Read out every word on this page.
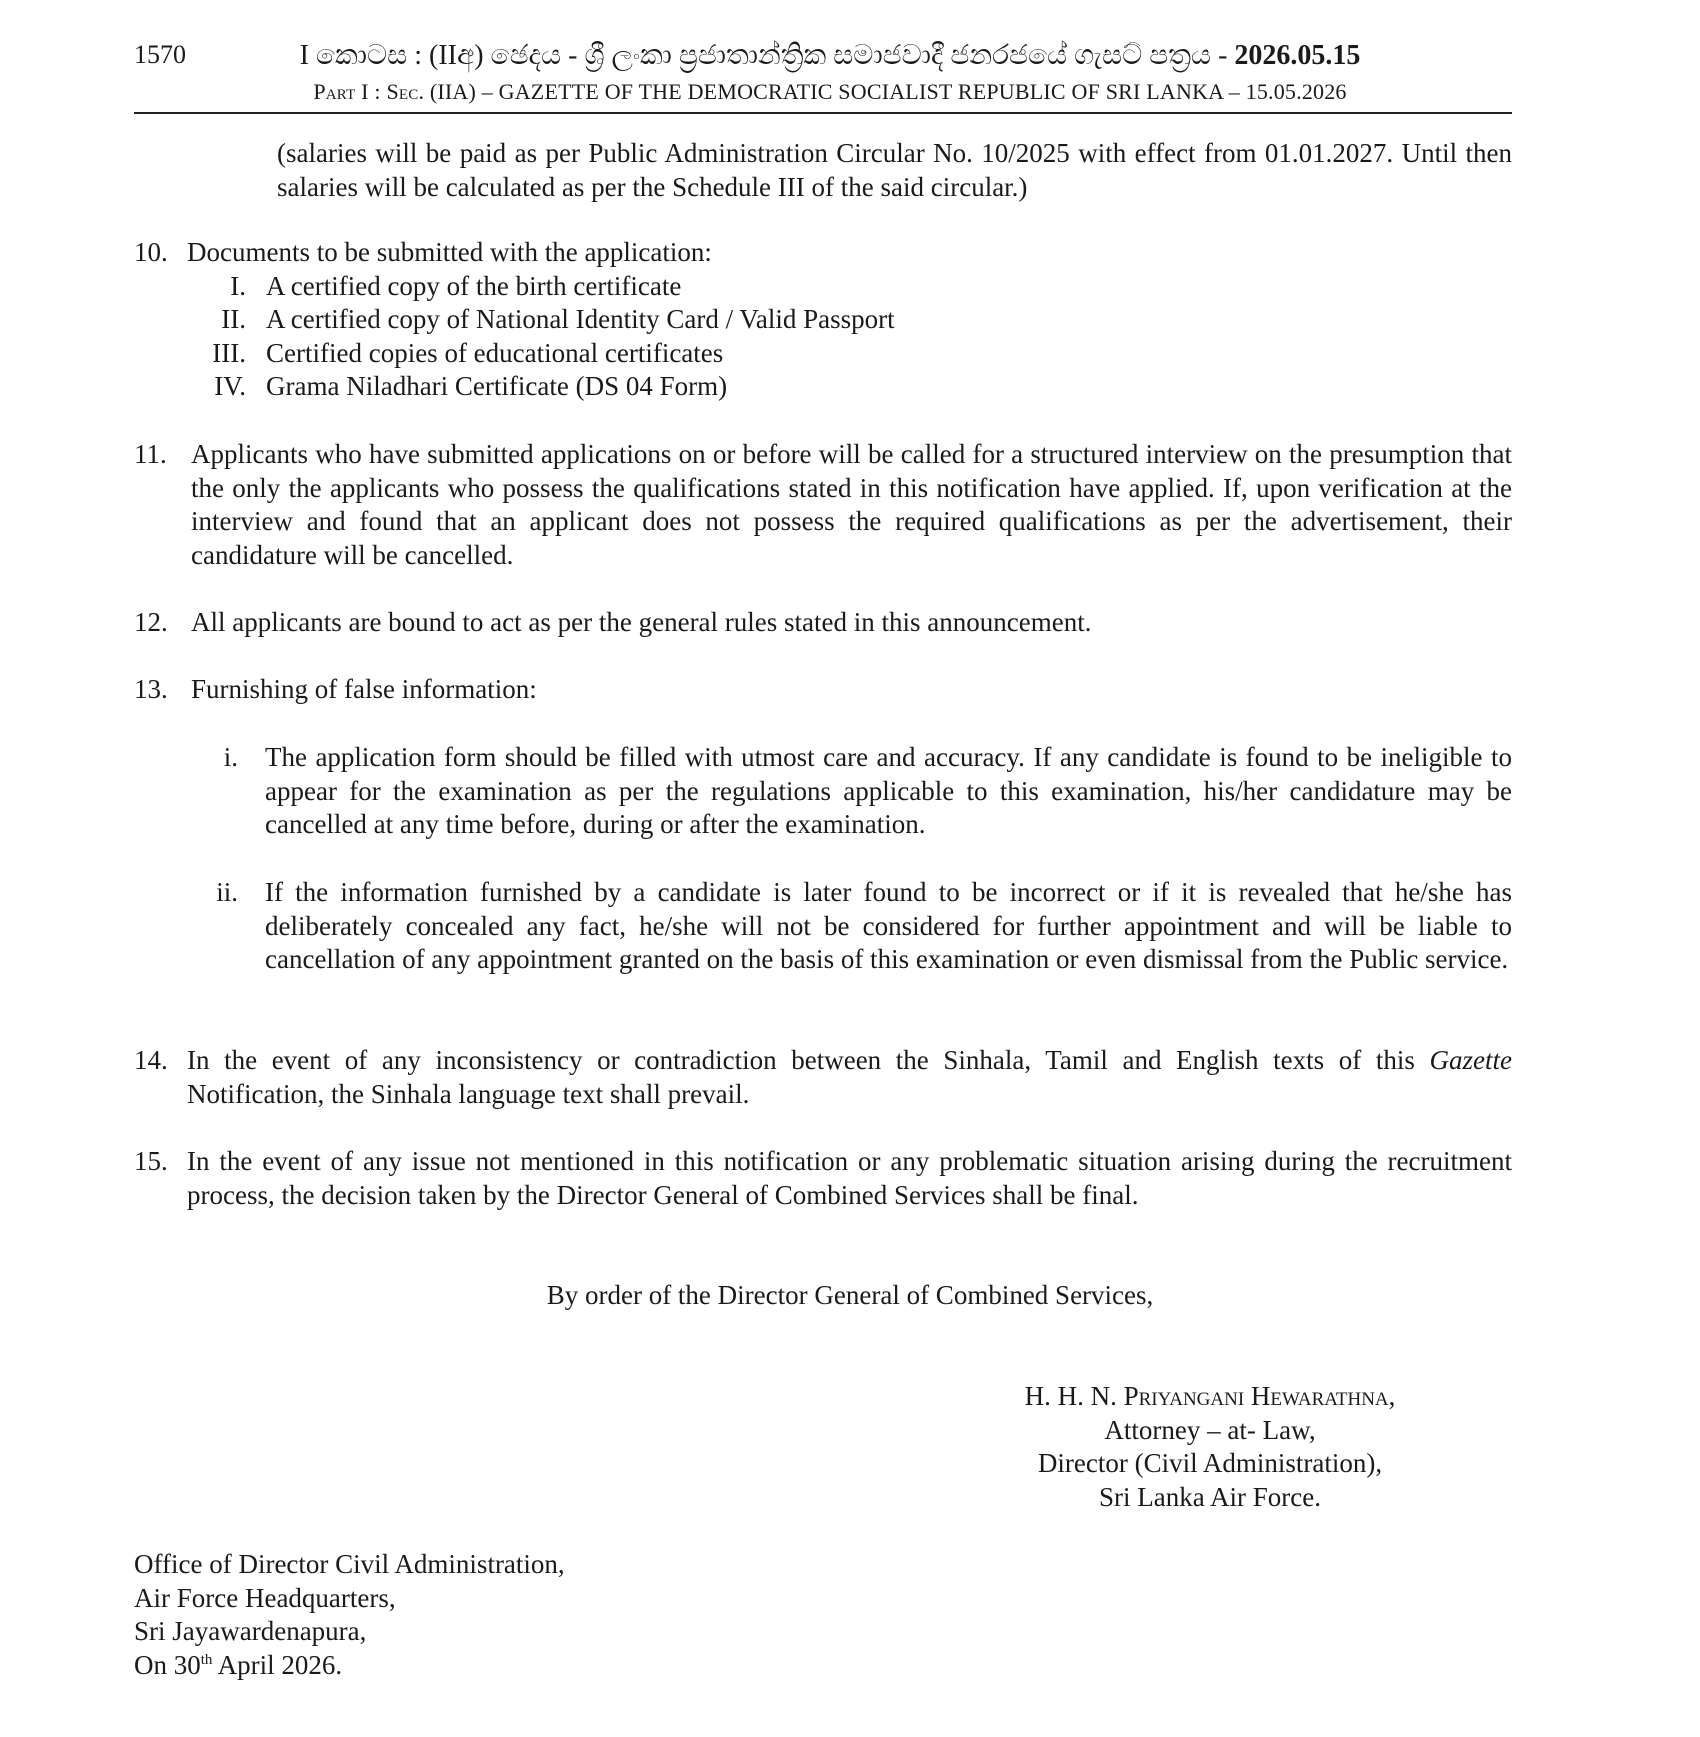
1570	I කොටස : (IIඅ) ඡෙදය - ශ්‍රී ලංකා ප්‍රජාතාන්ත්‍රික සමාජවාදී ජනරජයේ ගැසට් පත්‍රය - 2026.05.15
Part I : Sec. (IIA) – GAZETTE OF THE DEMOCRATIC SOCIALIST REPUBLIC OF SRI LANKA – 15.05.2026
(salaries will be paid as per Public Administration Circular No. 10/2025 with effect from 01.01.2027. Until then salaries will be calculated as per the Schedule III of the said circular.)
10. Documents to be submitted with the application:
I. A certified copy of the birth certificate
II. A certified copy of National Identity Card / Valid Passport
III. Certified copies of educational certificates
IV. Grama Niladhari Certificate (DS 04 Form)
11. Applicants who have submitted applications on or before will be called for a structured interview on the presumption that the only the applicants who possess the qualifications stated in this notification have applied. If, upon verification at the interview and found that an applicant does not possess the required qualifications as per the advertisement, their candidature will be cancelled.
12. All applicants are bound to act as per the general rules stated in this announcement.
13. Furnishing of false information:
i. The application form should be filled with utmost care and accuracy. If any candidate is found to be ineligible to appear for the examination as per the regulations applicable to this examination, his/her candidature may be cancelled at any time before, during or after the examination.
ii. If the information furnished by a candidate is later found to be incorrect or if it is revealed that he/she has deliberately concealed any fact, he/she will not be considered for further appointment and will be liable to cancellation of any appointment granted on the basis of this examination or even dismissal from the Public service.
14. In the event of any inconsistency or contradiction between the Sinhala, Tamil and English texts of this Gazette Notification, the Sinhala language text shall prevail.
15. In the event of any issue not mentioned in this notification or any problematic situation arising during the recruitment process, the decision taken by the Director General of Combined Services shall be final.
By order of the Director General of Combined Services,
H. H. N. Priyangani Hewarathna,
Attorney – at- Law,
Director (Civil Administration),
Sri Lanka Air Force.
Office of Director Civil Administration,
Air Force Headquarters,
Sri Jayawardenapura,
On 30th April 2026.
